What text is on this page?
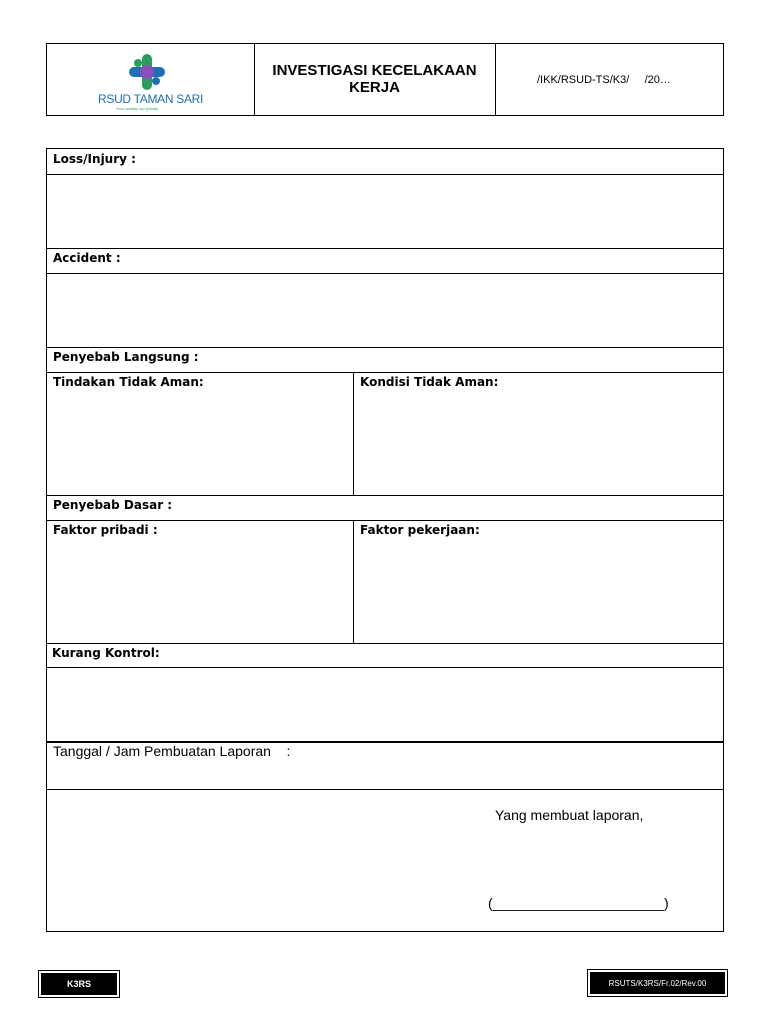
RSUD TAMAN SARI
Your healthy our priority
INVESTIGASI KECELAKAAN KERJA	/IKK/RSUD-TS/K3/     /20…
Loss/Injury :
Accident :
Penyebab Langsung :
Tindakan Tidak Aman:	Kondisi Tidak Aman:
Penyebab Dasar :
Faktor pribadi :	Faktor pekerjaan:
Kurang Kontrol:
Tanggal / Jam Pembuatan Laporan    :
Yang membuat laporan,
(______________________)
K3RS	RSUTS/K3RS/Fr.02/Rev.00
